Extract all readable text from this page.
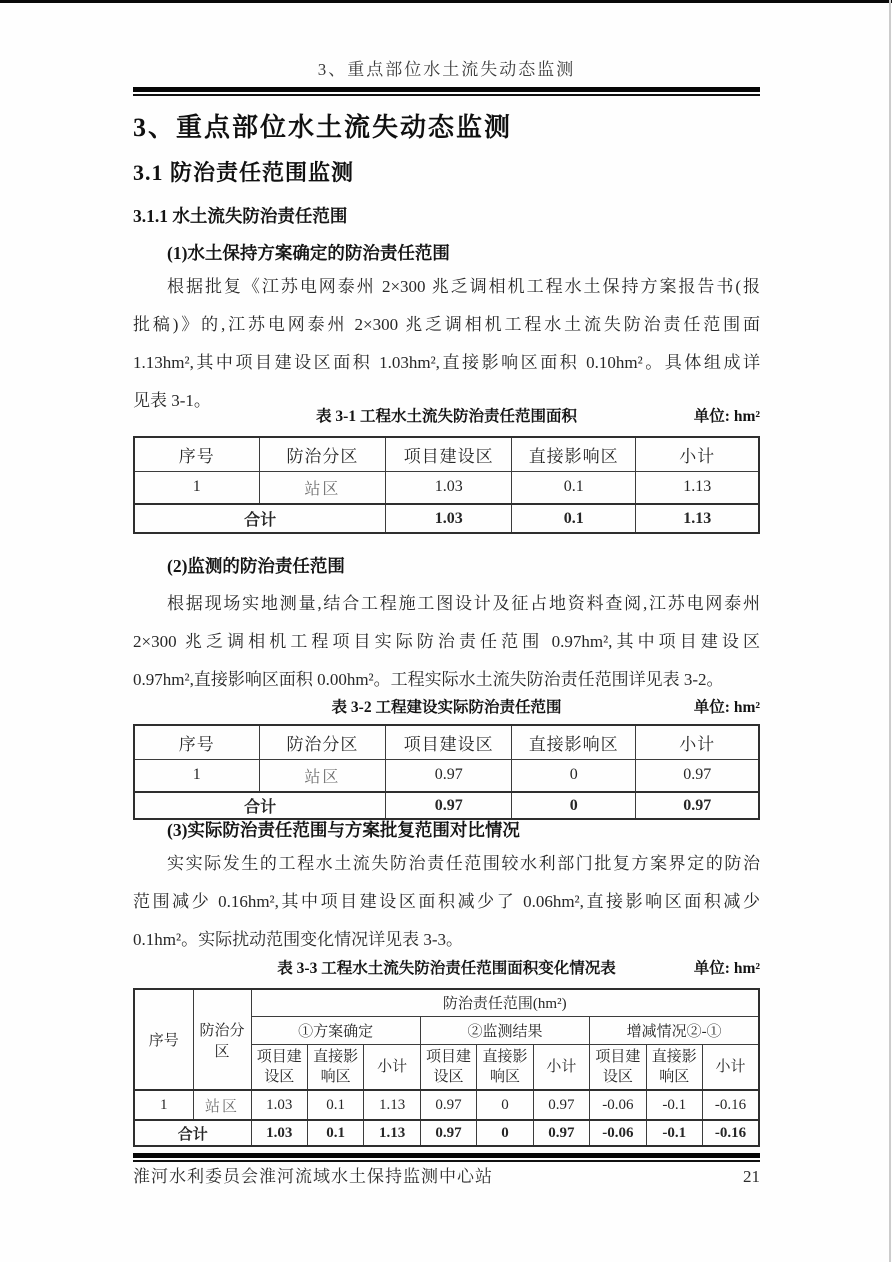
3、重点部位水土流失动态监测
3、重点部位水土流失动态监测
3.1 防治责任范围监测
3.1.1 水土流失防治责任范围
(1)水土保持方案确定的防治责任范围
根据批复《江苏电网泰州 2×300 兆乏调相机工程水土保持方案报告书(报
批稿)》的,江苏电网泰州 2×300 兆乏调相机工程水土流失防治责任范围面
1.13hm²,其中项目建设区面积 1.03hm²,直接影响区面积 0.10hm²。具体组成详
见表 3-1。
表 3-1 工程水土流失防治责任范围面积	单位: hm²
序号	防治分区	项目建设区	直接影响区	小计
1	站区	1.03	0.1	1.13
合计		1.03	0.1	1.13
(2)监测的防治责任范围
根据现场实地测量,结合工程施工图设计及征占地资料查阅,江苏电网泰州
2×300 兆乏调相机工程项目实际防治责任范围 0.97hm²,其中项目建设区
0.97hm²,直接影响区面积 0.00hm²。工程实际水土流失防治责任范围详见表 3-2。
表 3-2 工程建设实际防治责任范围	单位: hm²
序号	防治分区	项目建设区	直接影响区	小计
1	站区	0.97	0	0.97
合计		0.97	0	0.97
(3)实际防治责任范围与方案批复范围对比情况
实实际发生的工程水土流失防治责任范围较水利部门批复方案界定的防治
范围减少 0.16hm²,其中项目建设区面积减少了 0.06hm²,直接影响区面积减少
0.1hm²。实际扰动范围变化情况详见表 3-3。
表 3-3 工程水土流失防治责任范围面积变化情况表	单位: hm²
序号	防治分区	防治责任范围(hm²)								
		①方案确定			②监测结果			增减情况②-①		
		项目建设区	直接影响区	小计	项目建设区	直接影响区	小计	项目建设区	直接影响区	小计
1	站区	1.03	0.1	1.13	0.97	0	0.97	-0.06	-0.1	-0.16
合计		1.03	0.1	1.13	0.97	0	0.97	-0.06	-0.1	-0.16
淮河水利委员会淮河流域水土保持监测中心站	21
